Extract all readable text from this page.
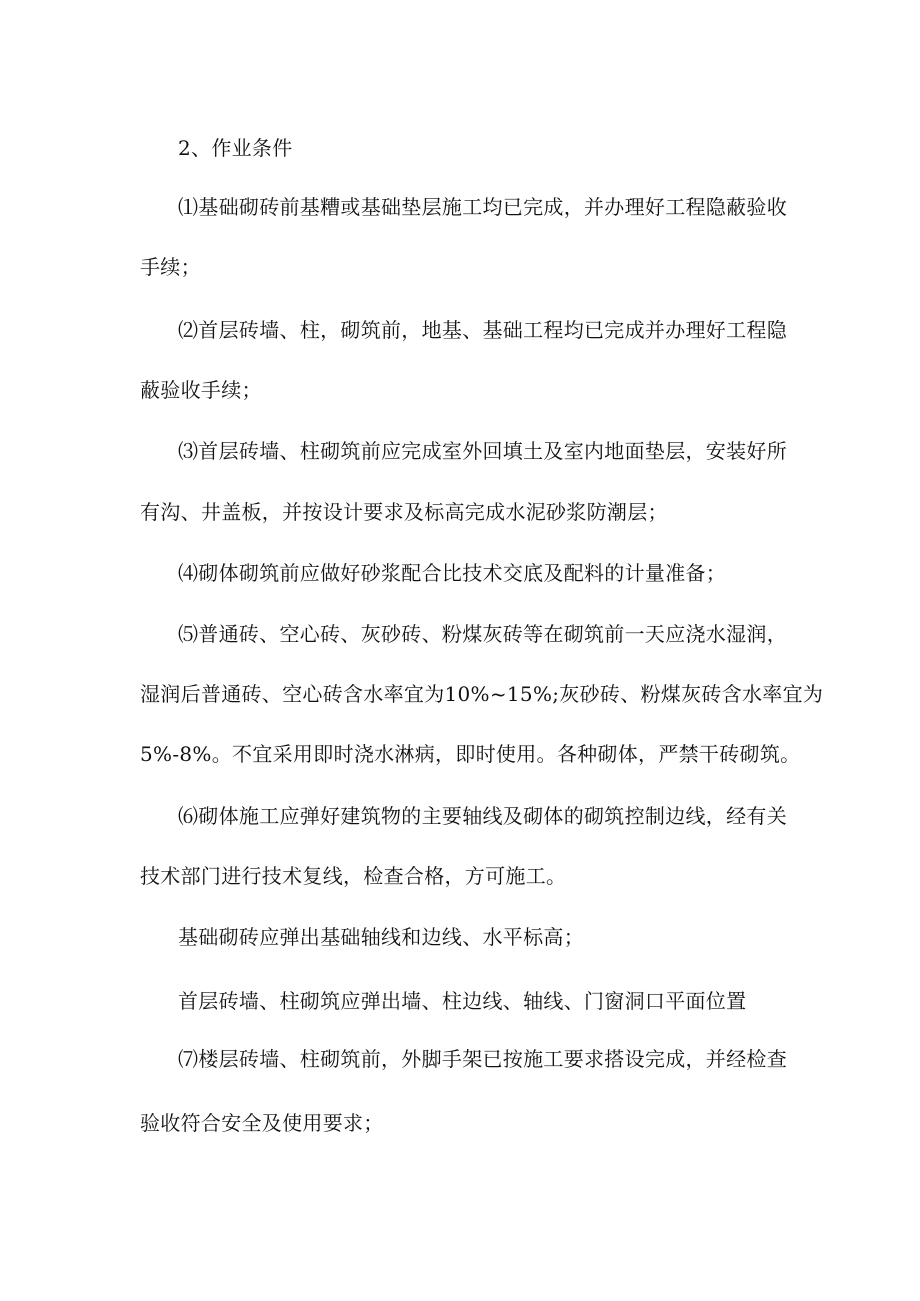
2、作业条件
⑴基础砌砖前基糟或基础垫层施工均已完成，并办理好工程隐蔽验收
手续；
⑵首层砖墙、柱，砌筑前，地基、基础工程均已完成并办理好工程隐
蔽验收手续；
⑶首层砖墙、柱砌筑前应完成室外回填土及室内地面垫层，安装好所
有沟、井盖板，并按设计要求及标高完成水泥砂浆防潮层；
⑷砌体砌筑前应做好砂浆配合比技术交底及配料的计量准备；
⑸普通砖、空心砖、灰砂砖、粉煤灰砖等在砌筑前一天应浇水湿润，
湿润后普通砖、空心砖含水率宜为10%~15%;灰砂砖、粉煤灰砖含水率宜为
5%-8%。不宜采用即时浇水淋病，即时使用。各种砌体，严禁干砖砌筑。
⑹砌体施工应弹好建筑物的主要轴线及砌体的砌筑控制边线，经有关
技术部门进行技术复线，检查合格，方可施工。
基础砌砖应弹出基础轴线和边线、水平标高；
首层砖墙、柱砌筑应弹出墙、柱边线、轴线、门窗洞口平面位置
⑺楼层砖墙、柱砌筑前，外脚手架已按施工要求搭设完成，并经检查
验收符合安全及使用要求；
